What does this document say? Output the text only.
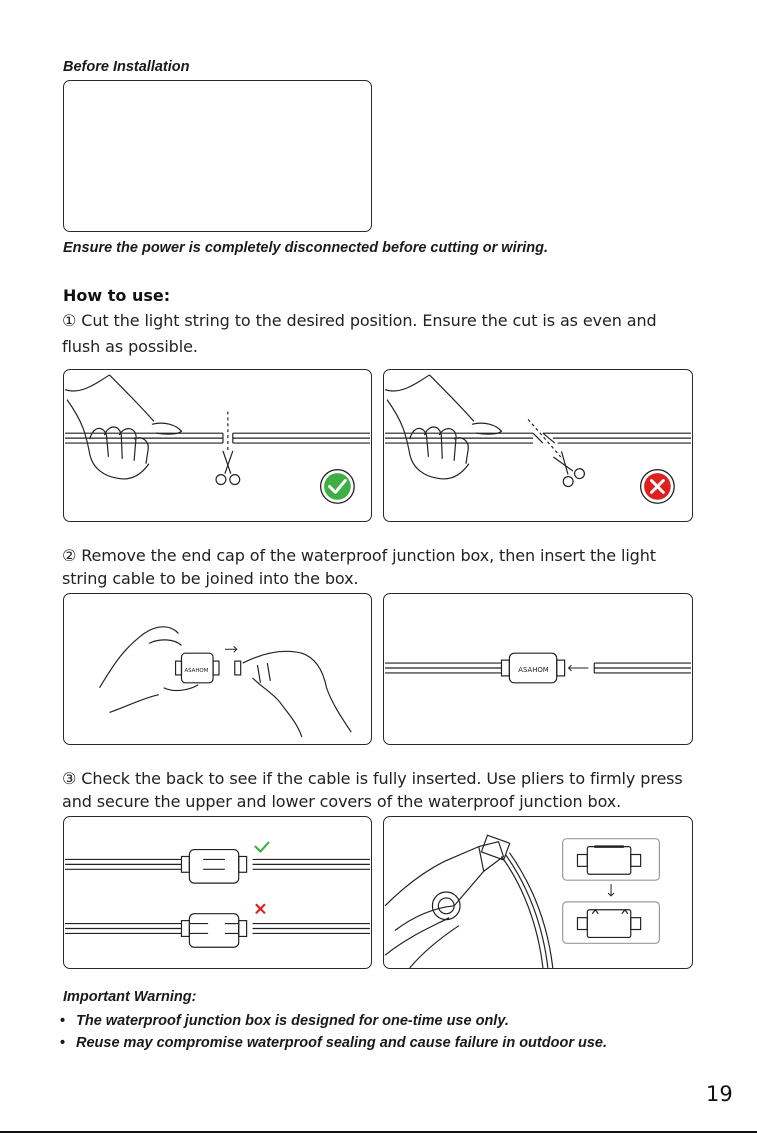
Before Installation
Ensure the power is completely disconnected before cutting or wiring.
How to use:
① Cut the light string to the desired position. Ensure the cut is as even and
flush as possible.
② Remove the end cap of the waterproof junction box, then insert the light
string cable to be joined into the box.
ASAHOM	ASAHOM
③ Check the back to see if the cable is fully inserted. Use pliers to firmly press
and secure the upper and lower covers of the waterproof junction box.
Important Warning:
• The waterproof junction box is designed for one-time use only.
• Reuse may compromise waterproof sealing and cause failure in outdoor use.
19
